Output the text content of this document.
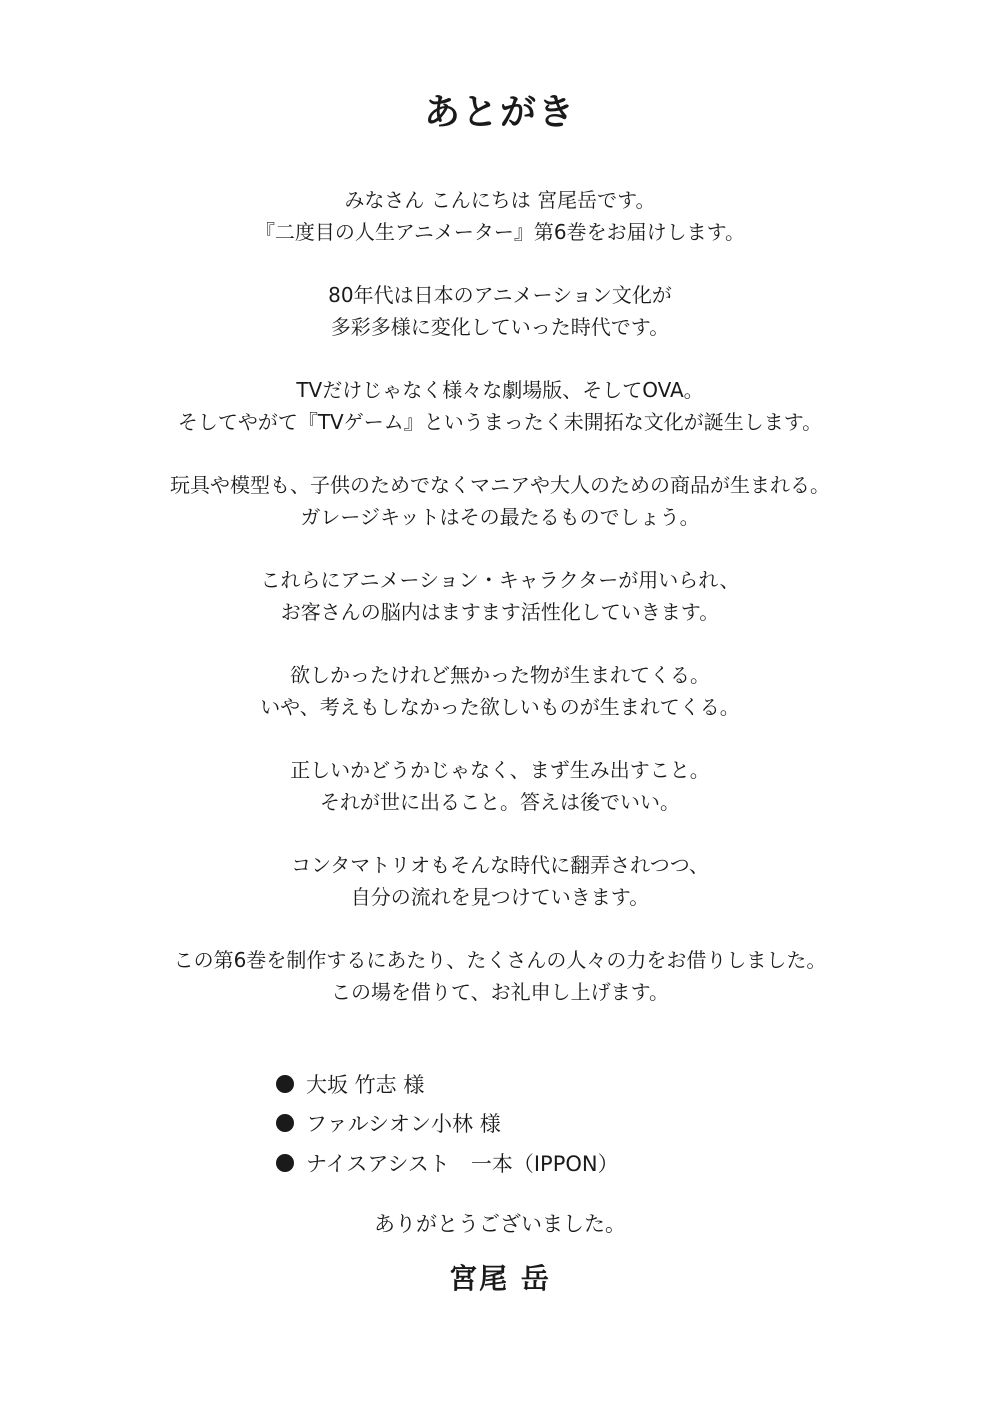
あとがき

みなさん こんにちは 宮尾岳です。
『二度目の人生アニメーター』第6巻をお届けします。

80年代は日本のアニメーション文化が
多彩多様に変化していった時代です。

TVだけじゃなく様々な劇場版、そしてOVA。
そしてやがて『TVゲーム』というまったく未開拓な文化が誕生します。

玩具や模型も、子供のためでなくマニアや大人のための商品が生まれる。
ガレージキットはその最たるものでしょう。

これらにアニメーション・キャラクターが用いられ、
お客さんの脳内はますます活性化していきます。

欲しかったけれど無かった物が生まれてくる。
いや、考えもしなかった欲しいものが生まれてくる。

正しいかどうかじゃなく、まず生み出すこと。
それが世に出ること。答えは後でいい。

コンタマトリオもそんな時代に翻弄されつつ、
自分の流れを見つけていきます。

この第6巻を制作するにあたり、たくさんの人々の力をお借りしました。
この場を借りて、お礼申し上げます。

大坂 竹志 様
ファルシオン小林 様
ナイスアシスト　一本（IPPON）
ありがとうございました。
宮尾 岳
